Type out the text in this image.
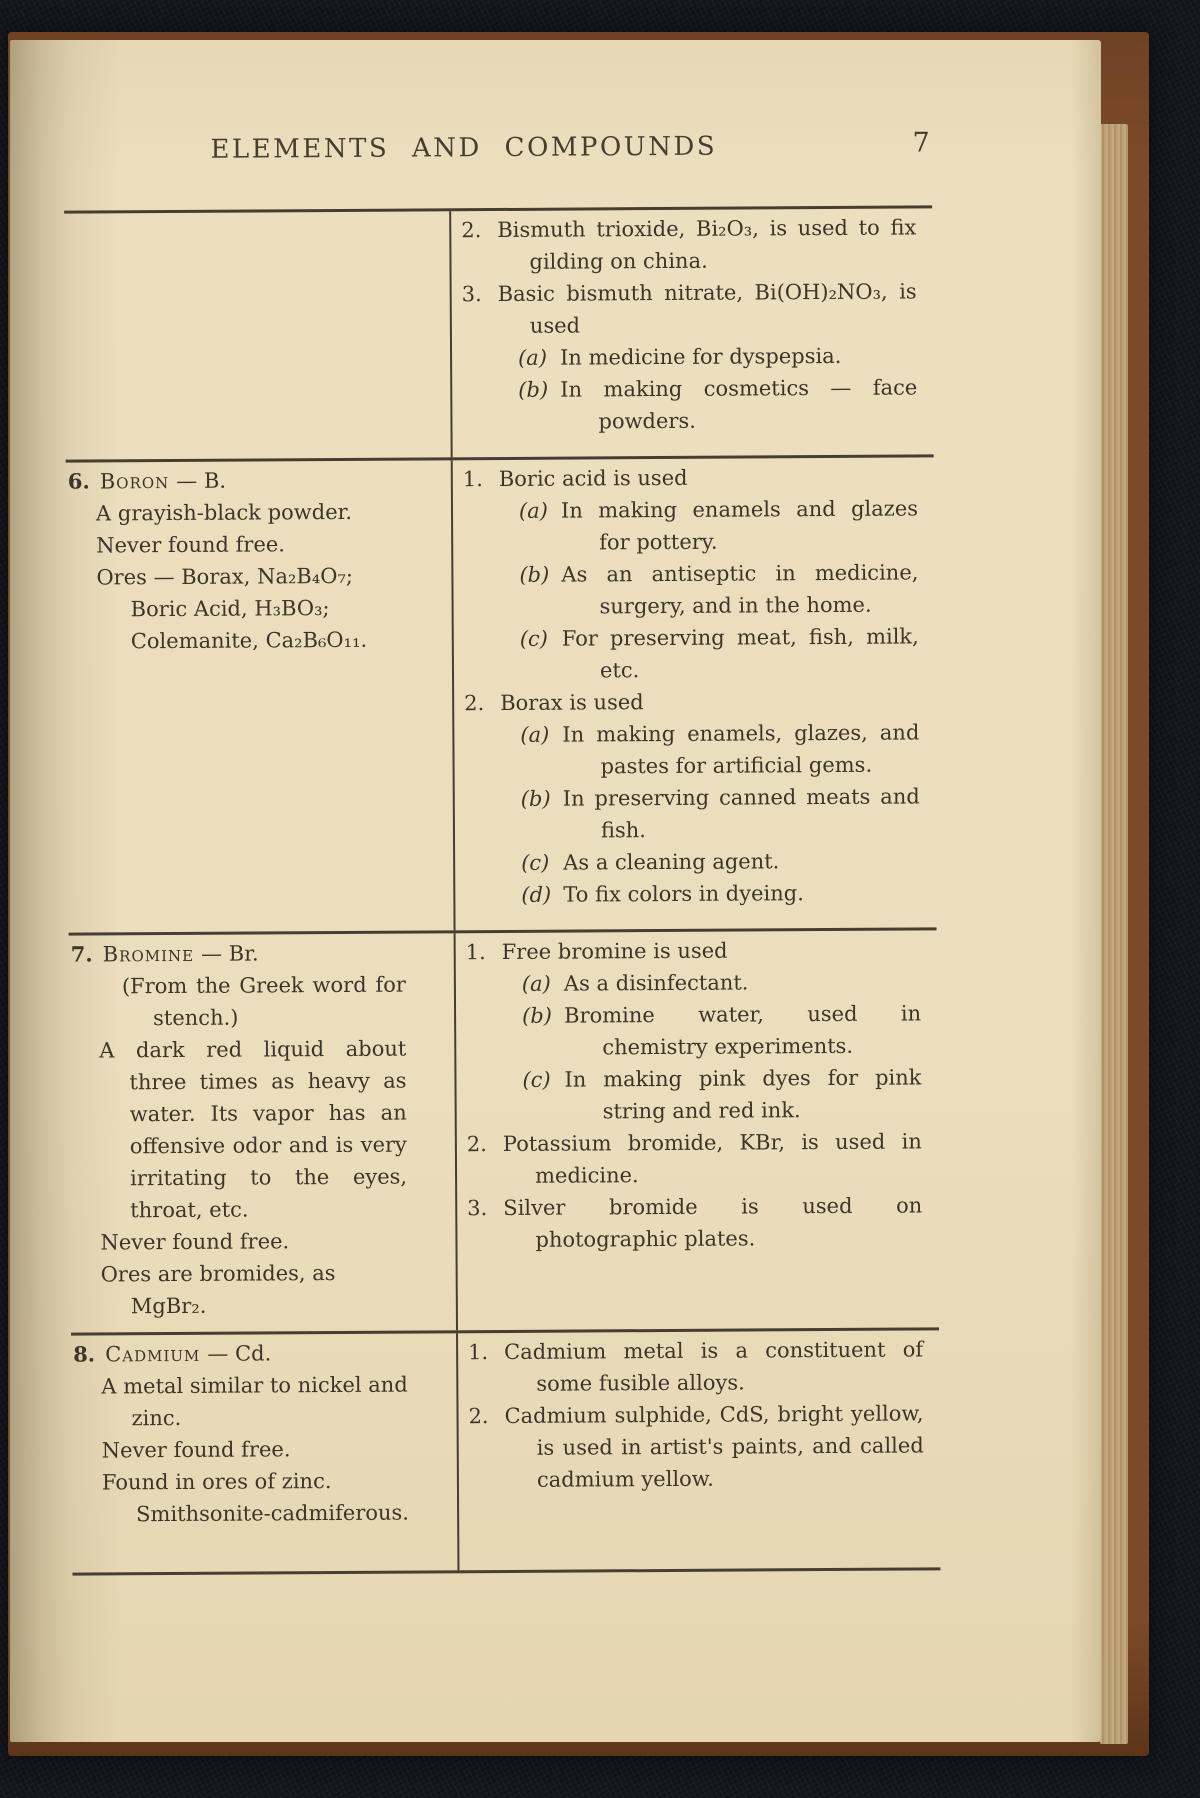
ELEMENTS AND COMPOUNDS	7

2. Bismuth trioxide, Bi₂O₃, is used to fix gilding on china.

3. Basic bismuth nitrate, Bi(OH)₂NO₃, is used

(a) In medicine for dyspepsia.

(b) In making cosmetics — face powders.

6. Boron — B.

A grayish-black powder.

Never found free.

Ores — Borax, Na₂B₄O₇;

Boric Acid, H₃BO₃;

Colemanite, Ca₂B₆O₁₁.

1. Boric acid is used

(a) In making enamels and glazes for pottery.

(b) As an antiseptic in medicine, surgery, and in the home.

(c) For preserving meat, fish, milk, etc.

2. Borax is used

(a) In making enamels, glazes, and pastes for artificial gems.

(b) In preserving canned meats and fish.

(c) As a cleaning agent.

(d) To fix colors in dyeing.

7. Bromine — Br.

(From the Greek word for stench.)

A dark red liquid about three times as heavy as water. Its vapor has an offensive odor and is very irritating to the eyes, throat, etc.

Never found free.

Ores are bromides, as MgBr₂.

1. Free bromine is used

(a) As a disinfectant.

(b) Bromine water, used in chemistry experiments.

(c) In making pink dyes for pink string and red ink.

2. Potassium bromide, KBr, is used in medicine.

3. Silver bromide is used on photographic plates.

8. Cadmium — Cd.

A metal similar to nickel and zinc.

Never found free.

Found in ores of zinc.

Smithsonite-cadmiferous.

1. Cadmium metal is a constituent of some fusible alloys.

2. Cadmium sulphide, CdS, bright yellow, is used in artist's paints, and called cadmium yellow.
